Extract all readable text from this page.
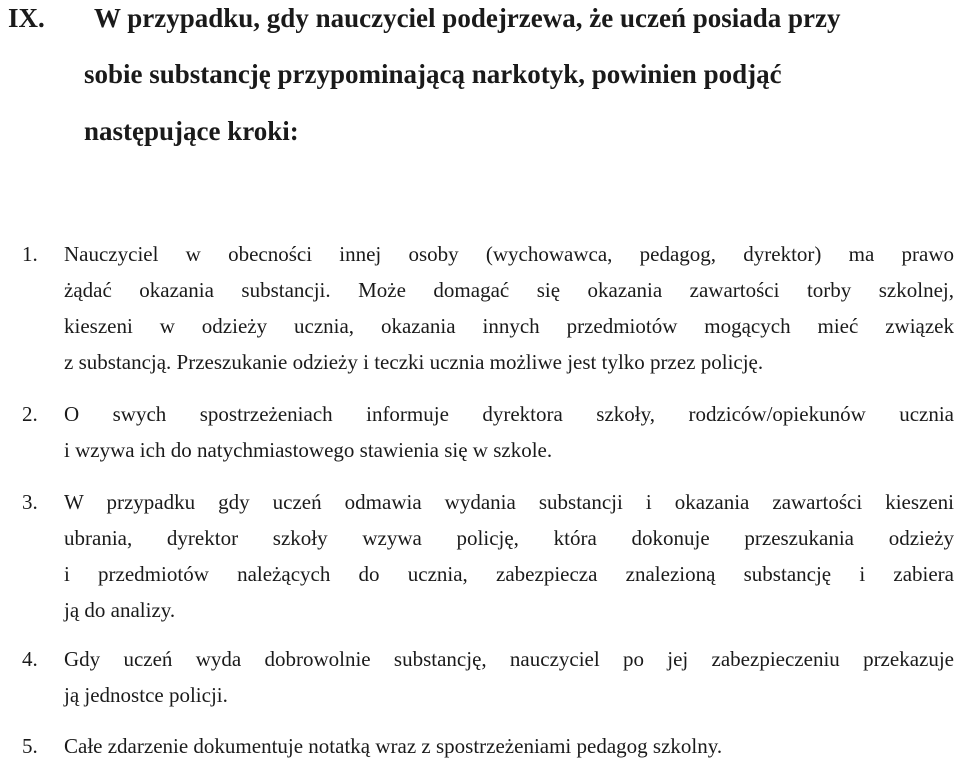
IX. W przypadku, gdy nauczyciel podejrzewa, że uczeń posiada przy
sobie substancję przypominającą narkotyk, powinien podjąć
następujące kroki:
1. Nauczyciel w obecności innej osoby (wychowawca, pedagog, dyrektor) ma prawo
żądać okazania substancji. Może domagać się okazania zawartości torby szkolnej,
kieszeni w odzieży ucznia, okazania innych przedmiotów mogących mieć związek
z substancją. Przeszukanie odzieży i teczki ucznia możliwe jest tylko przez policję.
2. O swych spostrzeżeniach informuje dyrektora szkoły, rodziców/opiekunów ucznia
i wzywa ich do natychmiastowego stawienia się w szkole.
3. W przypadku gdy uczeń odmawia wydania substancji i okazania zawartości kieszeni
ubrania, dyrektor szkoły wzywa policję, która dokonuje przeszukania odzieży
i przedmiotów należących do ucznia, zabezpiecza znalezioną substancję i zabiera
ją do analizy.
4. Gdy uczeń wyda dobrowolnie substancję, nauczyciel po jej zabezpieczeniu przekazuje
ją jednostce policji.
5. Całe zdarzenie dokumentuje notatką wraz z spostrzeżeniami pedagog szkolny.
